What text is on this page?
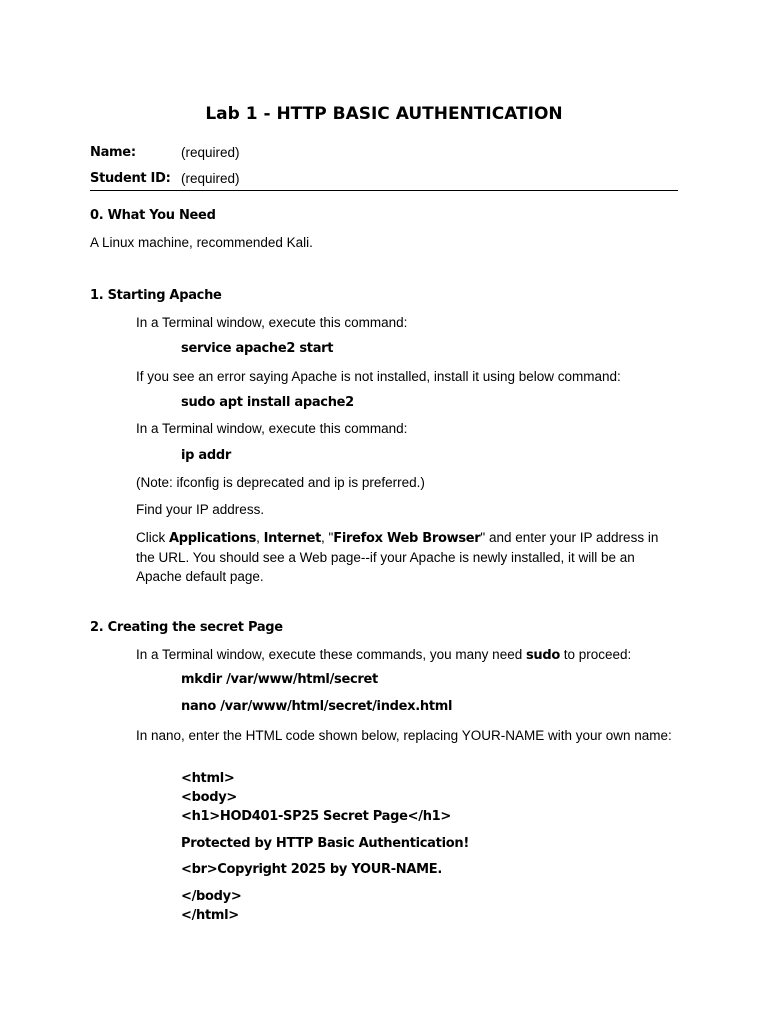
Lab 1 - HTTP BASIC AUTHENTICATION
Name:	(required)
Student ID: (required)
0. What You Need
A Linux machine, recommended Kali.
1. Starting Apache
In a Terminal window, execute this command:
service apache2 start
If you see an error saying Apache is not installed, install it using below command:
sudo apt install apache2
In a Terminal window, execute this command:
ip addr
(Note: ifconfig is deprecated and ip is preferred.)
Find your IP address.
Click Applications, Internet, "Firefox Web Browser" and enter your IP address in the URL. You should see a Web page--if your Apache is newly installed, it will be an Apache default page.
2. Creating the secret Page
In a Terminal window, execute these commands, you many need sudo to proceed:
mkdir /var/www/html/secret
nano /var/www/html/secret/index.html
In nano, enter the HTML code shown below, replacing YOUR-NAME with your own name:
<html>
<body>
<h1>HOD401-SP25 Secret Page</h1>
Protected by HTTP Basic Authentication!
<br>Copyright 2025 by YOUR-NAME.
</body>
</html>
